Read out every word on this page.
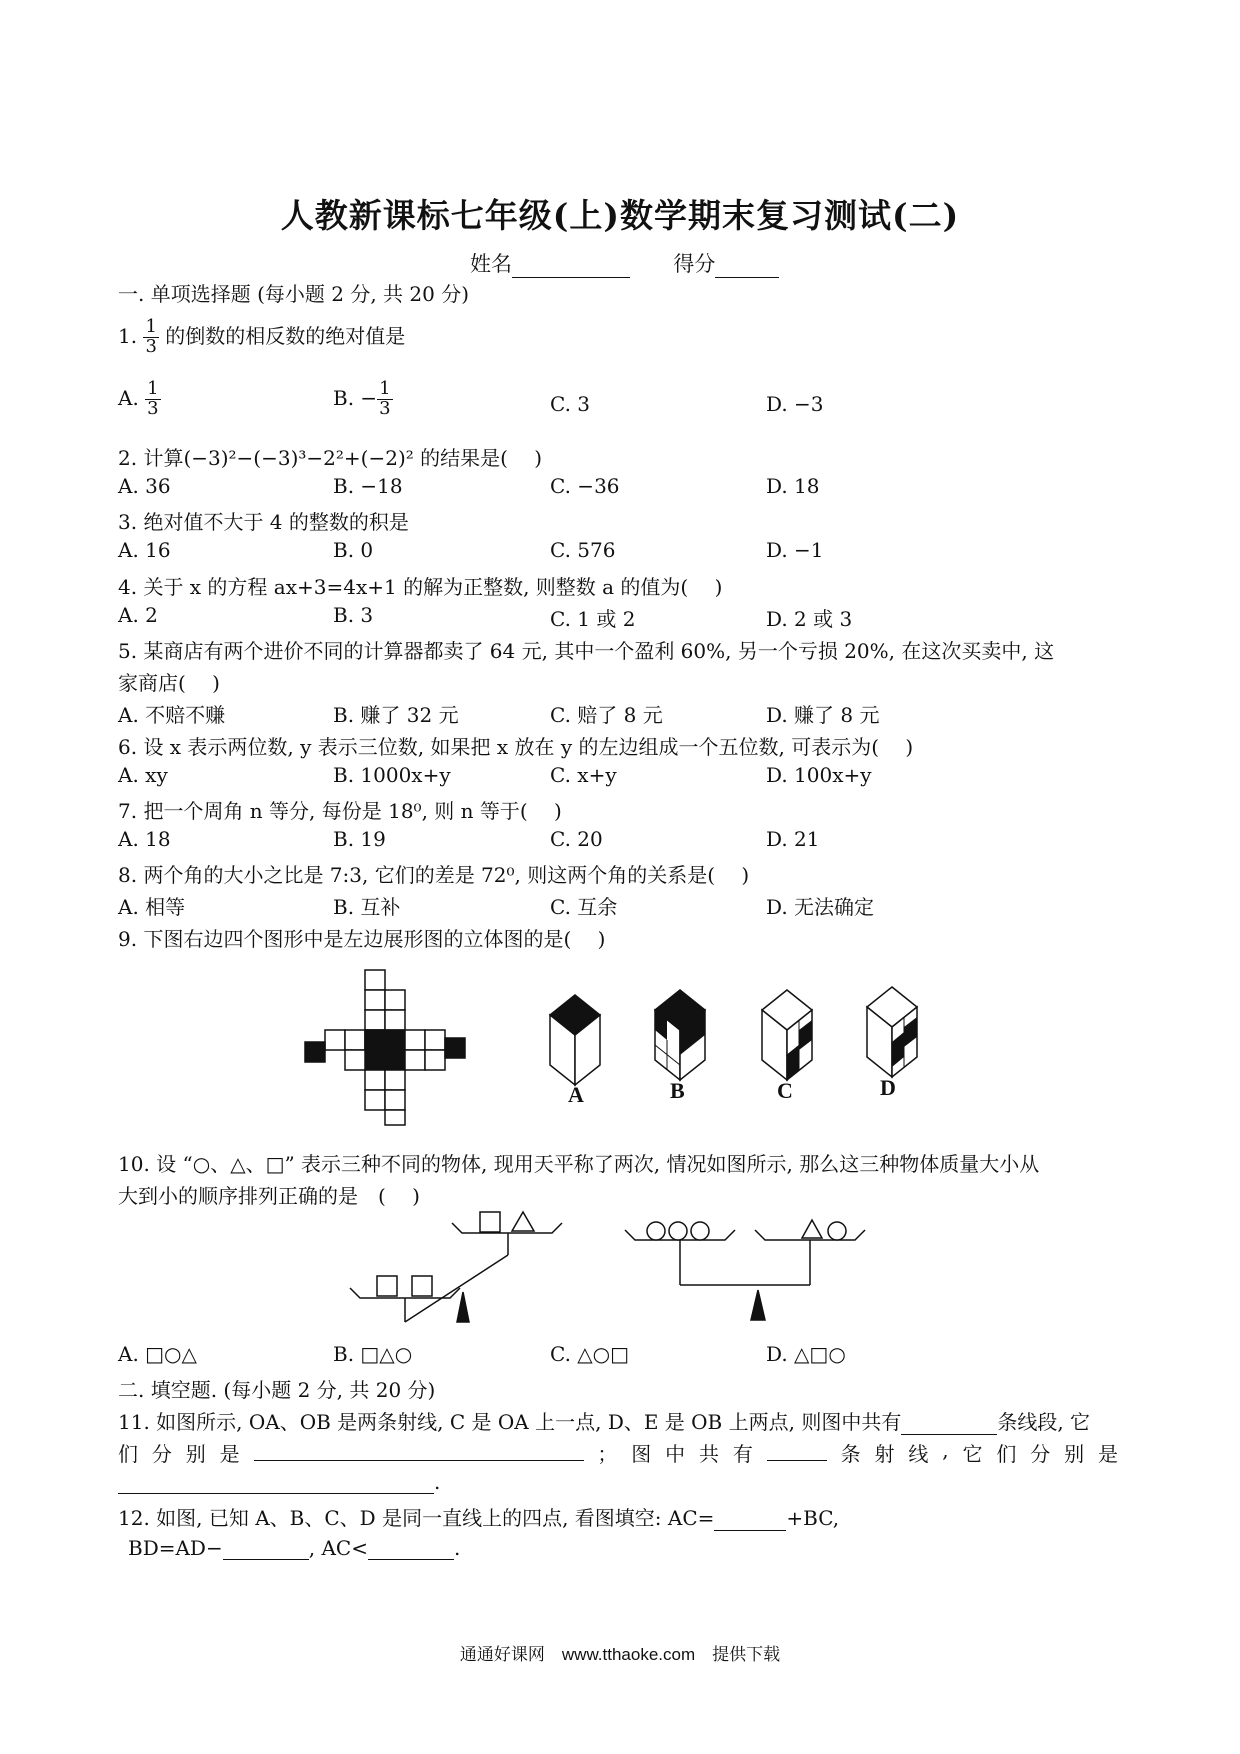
人教新课标七年级(上)数学期末复习测试(二)
姓名	得分
一. 单项选择题 (每小题 2 分, 共 20 分)
1. $\frac{1}{3}$ 的倒数的相反数的绝对值是
A. $\frac{1}{3}$	B. − $\frac{1}{3}$	C. 3	D. −3
2. 计算(−3)²−(−3)³−2²+(−2)² 的结果是(　 )
A. 36	B. −18	C. −36	D. 18
3. 绝对值不大于 4 的整数的积是
A. 16	B. 0	C. 576	D. −1
4. 关于 x 的方程 ax+3=4x+1 的解为正整数, 则整数 a 的值为(　 )
A. 2	B. 3	C. 1 或 2	D. 2 或 3
5. 某商店有两个进价不同的计算器都卖了 64 元, 其中一个盈利 60%, 另一个亏损 20%, 在这次买卖中, 这
家商店(　 )
A. 不赔不赚	B. 赚了 32 元	C. 赔了 8 元	D. 赚了 8 元
6. 设 x 表示两位数, y 表示三位数, 如果把 x 放在 y 的左边组成一个五位数, 可表示为(　 )
A. xy	B. 1000x+y	C. x+y	D. 100x+y
7. 把一个周角 n 等分, 每份是 18⁰, 则 n 等于(　 )
A. 18	B. 19	C. 20	D. 21
8. 两个角的大小之比是 7:3, 它们的差是 72⁰, 则这两个角的关系是(　 )
A. 相等	B. 互补	C. 互余	D. 无法确定
9. 下图右边四个图形中是左边展形图的立体图的是(　 )
A	B	C	D
10. 设 “○、△、□” 表示三种不同的物体, 现用天平称了两次, 情况如图所示, 那么这三种物体质量大小从
大到小的顺序排列正确的是　(　 )
A. □○△	B. □△○	C. △○□	D. △□○
二. 填空题. (每小题 2 分, 共 20 分)
11. 如图所示, OA、OB 是两条射线, C 是 OA 上一点, D、E 是 OB 上两点, 则图中共有	条线段, 它
们 分 别 是	； 图 中 共 有	条 射 线 , 它 们 分 别 是
.
12. 如图, 已知 A、B、C、D 是同一直线上的四点, 看图填空: AC=	+BC,
BD=AD−	, AC<	.
通通好课网　www.tthaoke.com　提供下载
